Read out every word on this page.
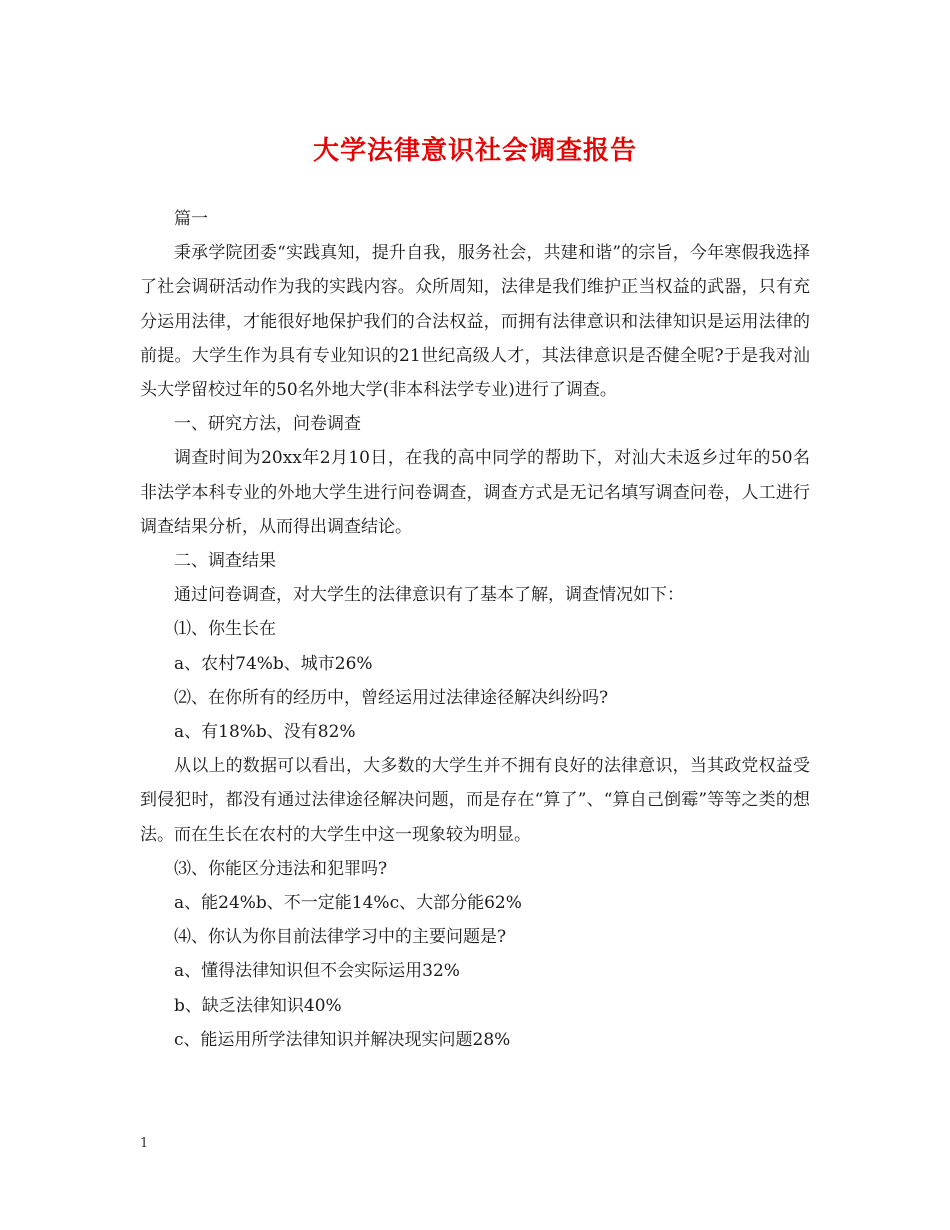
大学法律意识社会调查报告

篇一

秉承学院团委“实践真知，提升自我，服务社会，共建和谐”的宗旨，今年寒假我选择了社会调研活动作为我的实践内容。众所周知，法律是我们维护正当权益的武器，只有充分运用法律，才能很好地保护我们的合法权益，而拥有法律意识和法律知识是运用法律的前提。大学生作为具有专业知识的21世纪高级人才，其法律意识是否健全呢?于是我对汕头大学留校过年的50名外地大学(非本科法学专业)进行了调查。

一、研究方法，问卷调查

调查时间为20xx年2月10日，在我的高中同学的帮助下，对汕大未返乡过年的50名非法学本科专业的外地大学生进行问卷调查，调查方式是无记名填写调查问卷，人工进行调查结果分析，从而得出调查结论。

二、调查结果

通过问卷调查，对大学生的法律意识有了基本了解，调查情况如下：

⑴、你生长在

a、农村74%b、城市26%

⑵、在你所有的经历中，曾经运用过法律途径解决纠纷吗?

a、有18%b、没有82%

从以上的数据可以看出，大多数的大学生并不拥有良好的法律意识，当其政党权益受到侵犯时，都没有通过法律途径解决问题，而是存在“算了”、“算自己倒霉”等等之类的想法。而在生长在农村的大学生中这一现象较为明显。

⑶、你能区分违法和犯罪吗?

a、能24%b、不一定能14%c、大部分能62%

⑷、你认为你目前法律学习中的主要问题是?

a、懂得法律知识但不会实际运用32%

b、缺乏法律知识40%

c、能运用所学法律知识并解决现实问题28%

1
